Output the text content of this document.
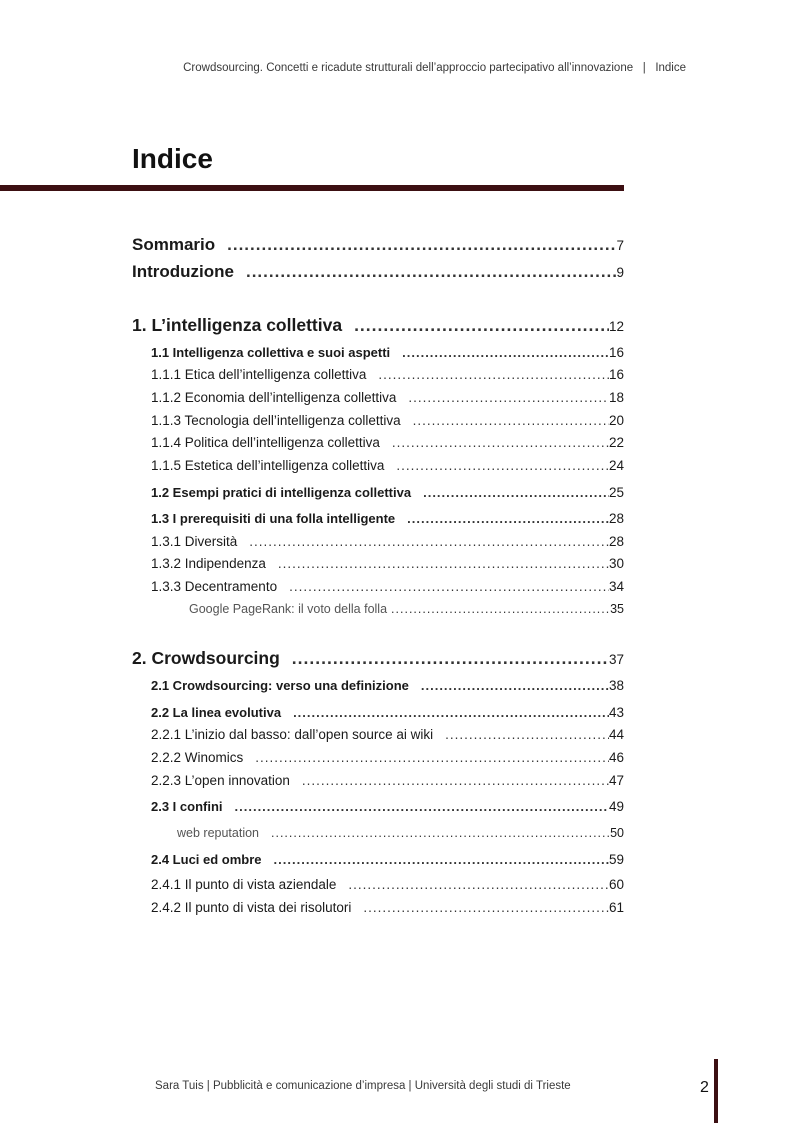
Crowdsourcing. Concetti e ricadute strutturali dell’approccio partecipativo all’innovazione | Indice
Indice
Sommario .....	7
Introduzione .....	9
1. L’intelligenza collettiva .....	12
1.1 Intelligenza collettiva e suoi aspetti .....	16
1.1.1 Etica dell’intelligenza collettiva .....	16
1.1.2 Economia dell’intelligenza collettiva .....	18
1.1.3 Tecnologia dell’intelligenza collettiva .....	20
1.1.4 Politica dell’intelligenza collettiva .....	22
1.1.5 Estetica dell’intelligenza collettiva .....	24
1.2 Esempi pratici di intelligenza collettiva .....	25
1.3 I prerequisiti di una folla intelligente .....	28
1.3.1 Diversità .....	28
1.3.2 Indipendenza .....	30
1.3.3 Decentramento .....	34
Google PageRank: il voto della folla .....	35
2. Crowdsourcing .....	37
2.1 Crowdsourcing: verso una definizione .....	38
2.2 La linea evolutiva .....	43
2.2.1 L’inizio dal basso: dall’open source ai wiki .....	44
2.2.2 Winomics .....	46
2.2.3 L’open innovation .....	47
2.3 I confini .....	49
web reputation .....	50
2.4 Luci ed ombre .....	59
2.4.1 Il punto di vista aziendale .....	60
2.4.2 Il punto di vista dei risolutori .....	61
Sara Tuis | Pubblicità e comunicazione d’impresa | Università degli studi di Trieste	2
